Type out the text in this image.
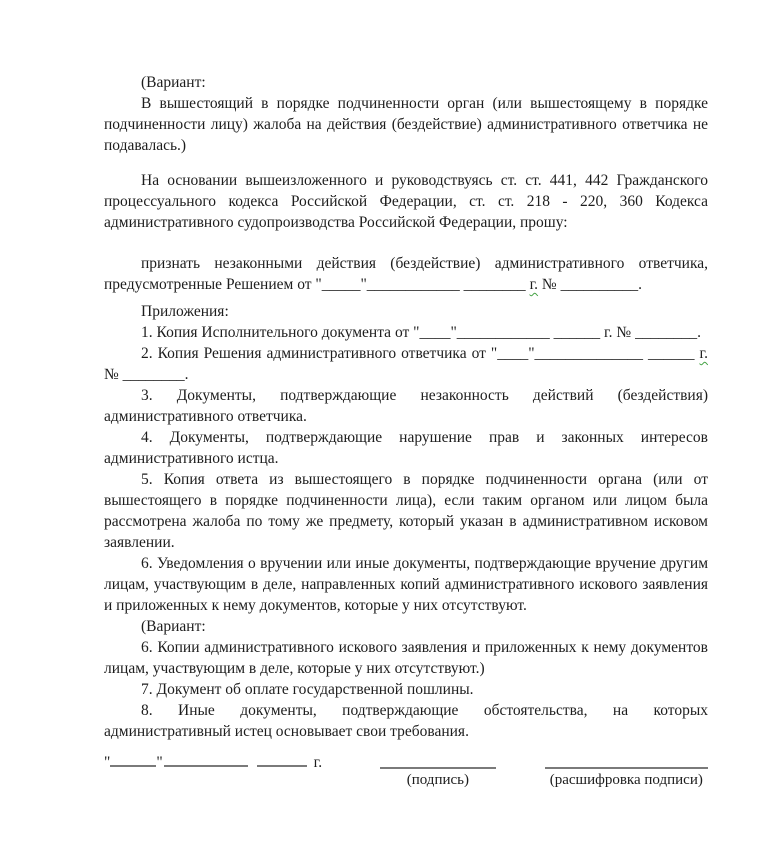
(Вариант:
В вышестоящий в порядке подчиненности орган (или вышестоящему в порядке
подчиненности лицу) жалоба на действия (бездействие) административного ответчика не
подавалась.)
На основании вышеизложенного и руководствуясь ст. ст. 441, 442 Гражданского
процессуального кодекса Российской Федерации, ст. ст. 218 - 220, 360 Кодекса
административного судопроизводства Российской Федерации, прошу:
признать незаконными действия (бездействие) административного ответчика,
предусмотренные Решением от "_____"____________ ________ г. № __________.
Приложения:
1. Копия Исполнительного документа от "____"____________ ______ г. № ________.
2. Копия Решения административного ответчика от "____"______________ ______ г.
№ ________.
3. Документы, подтверждающие незаконность действий (бездействия)
административного ответчика.
4. Документы, подтверждающие нарушение прав и законных интересов
административного истца.
5. Копия ответа из вышестоящего в порядке подчиненности органа (или от
вышестоящего в порядке подчиненности лица), если таким органом или лицом была
рассмотрена жалоба по тому же предмету, который указан в административном исковом
заявлении.
6. Уведомления о вручении или иные документы, подтверждающие вручение другим
лицам, участвующим в деле, направленных копий административного искового заявления
и приложенных к нему документов, которые у них отсутствуют.
(Вариант:
6. Копии административного искового заявления и приложенных к нему документов
лицам, участвующим в деле, которые у них отсутствуют.)
7. Документ об оплате государственной пошлины.
8. Иные документы, подтверждающие обстоятельства, на которых
административный истец основывает свои требования.
"	"	г.
(подпись)	(расшифровка подписи)
